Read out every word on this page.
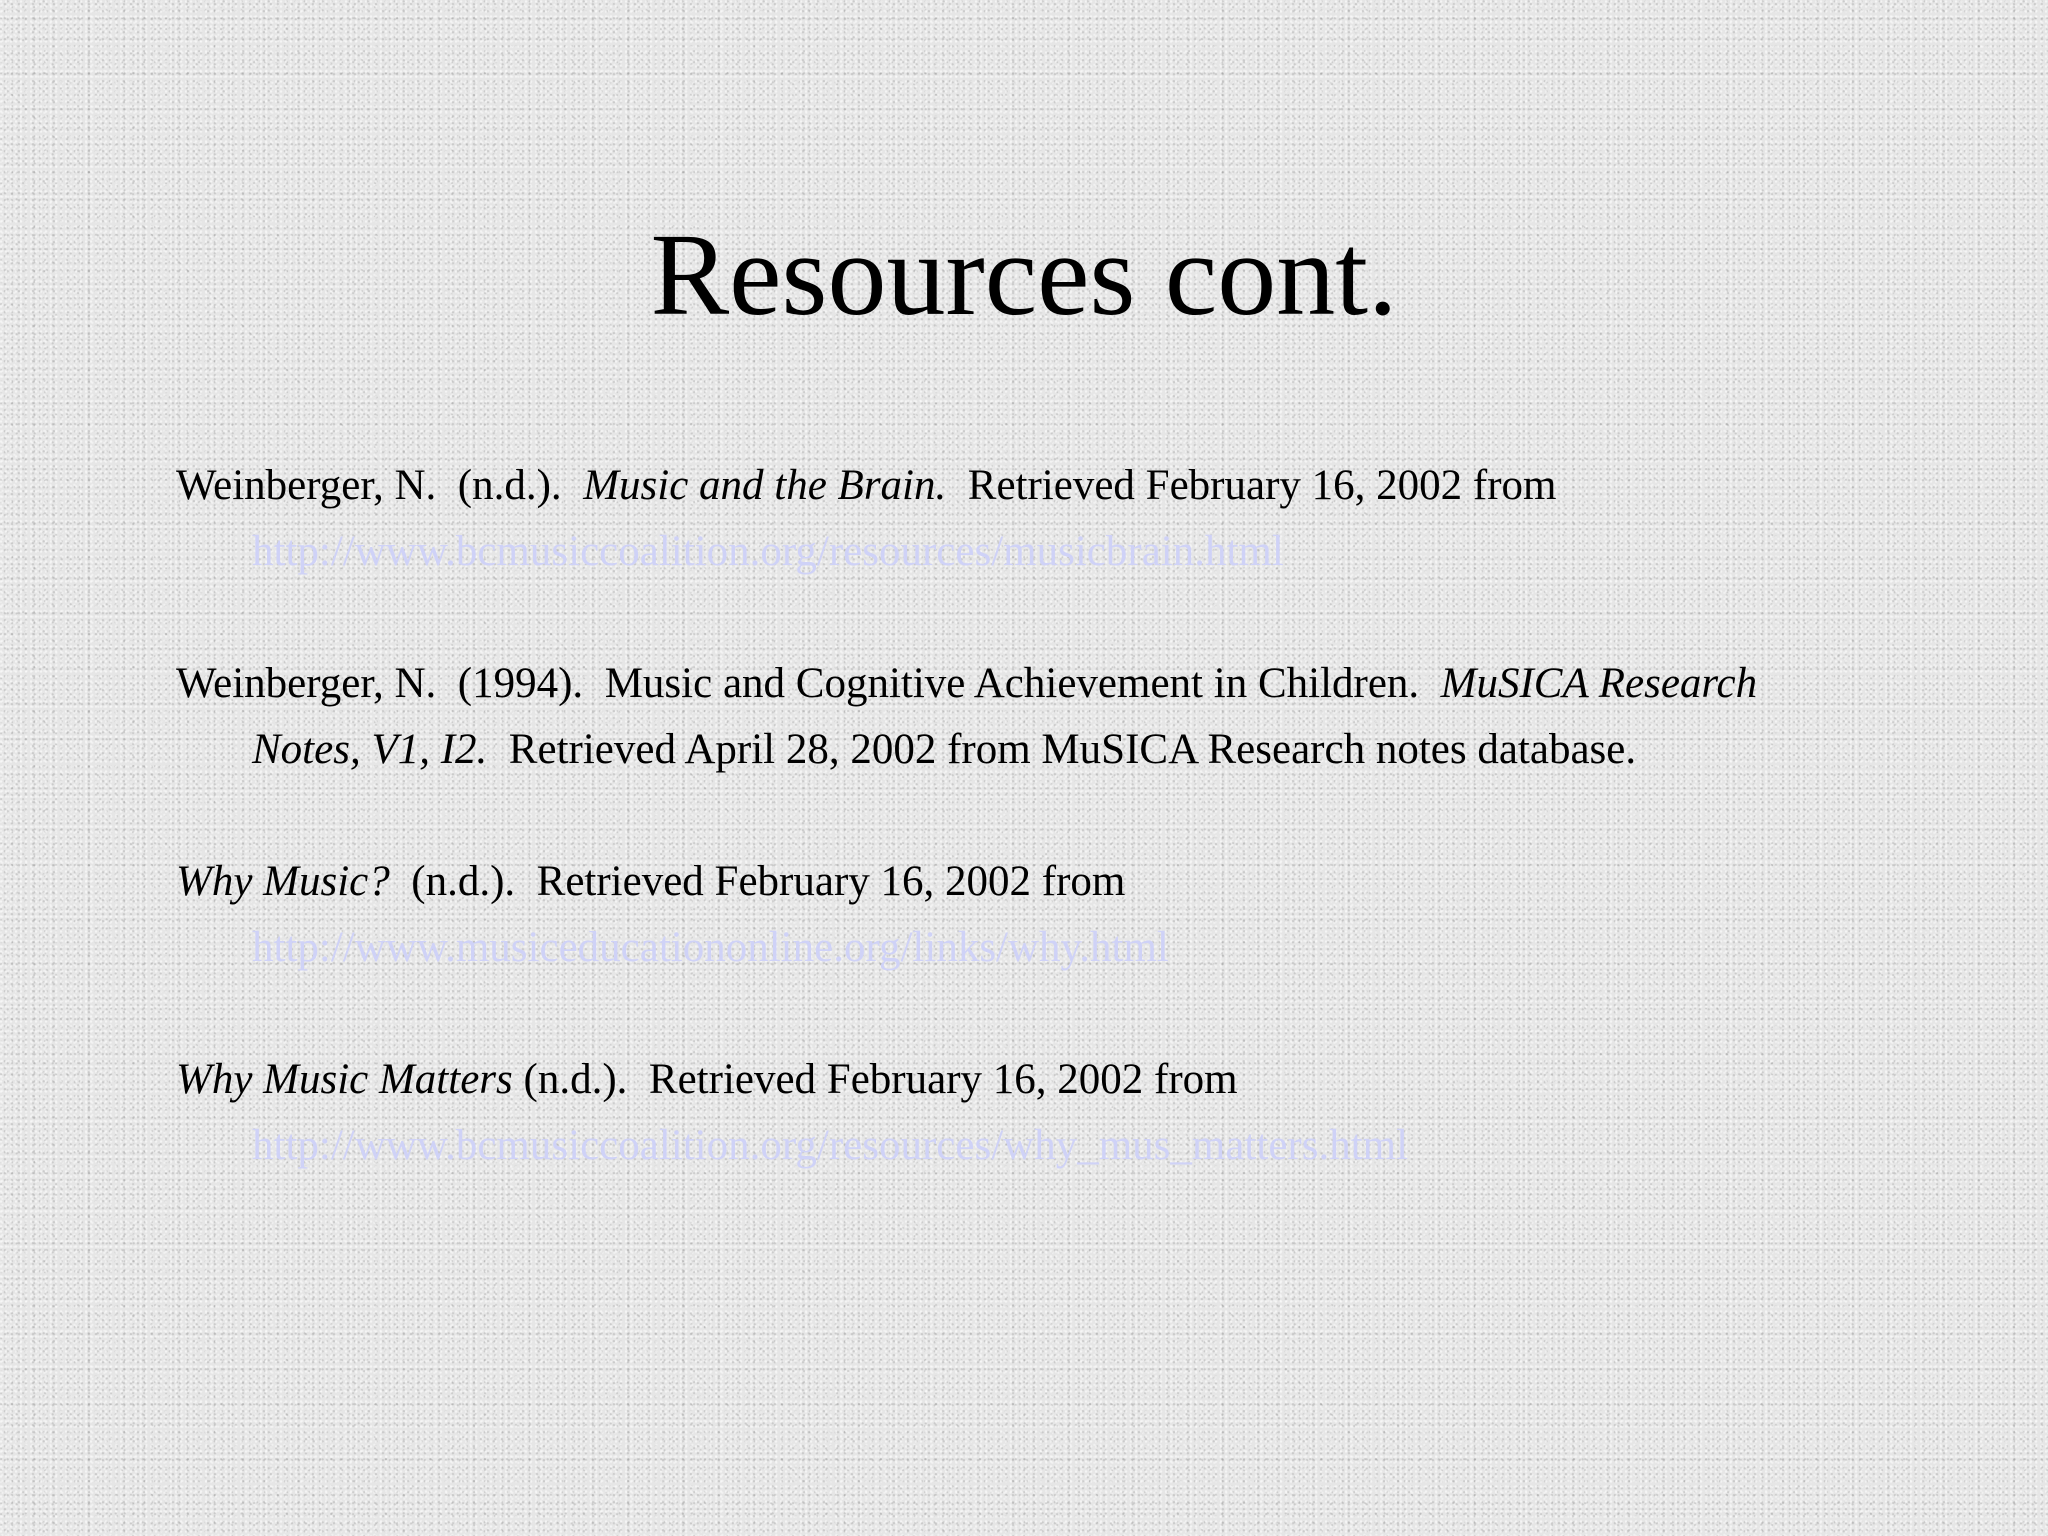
Resources cont.

Weinberger, N. (n.d.). Music and the Brain. Retrieved February 16, 2002 from
http://www.bcmusiccoalition.org/resources/musicbrain.html

Weinberger, N. (1994). Music and Cognitive Achievement in Children. MuSICA Research Notes, V1, I2. Retrieved April 28, 2002 from MuSICA Research notes database.

Why Music? (n.d.). Retrieved February 16, 2002 from
http://www.musiceducationonline.org/links/why.html

Why Music Matters (n.d.). Retrieved February 16, 2002 from
http://www.bcmusiccoalition.org/resources/why_mus_matters.html
